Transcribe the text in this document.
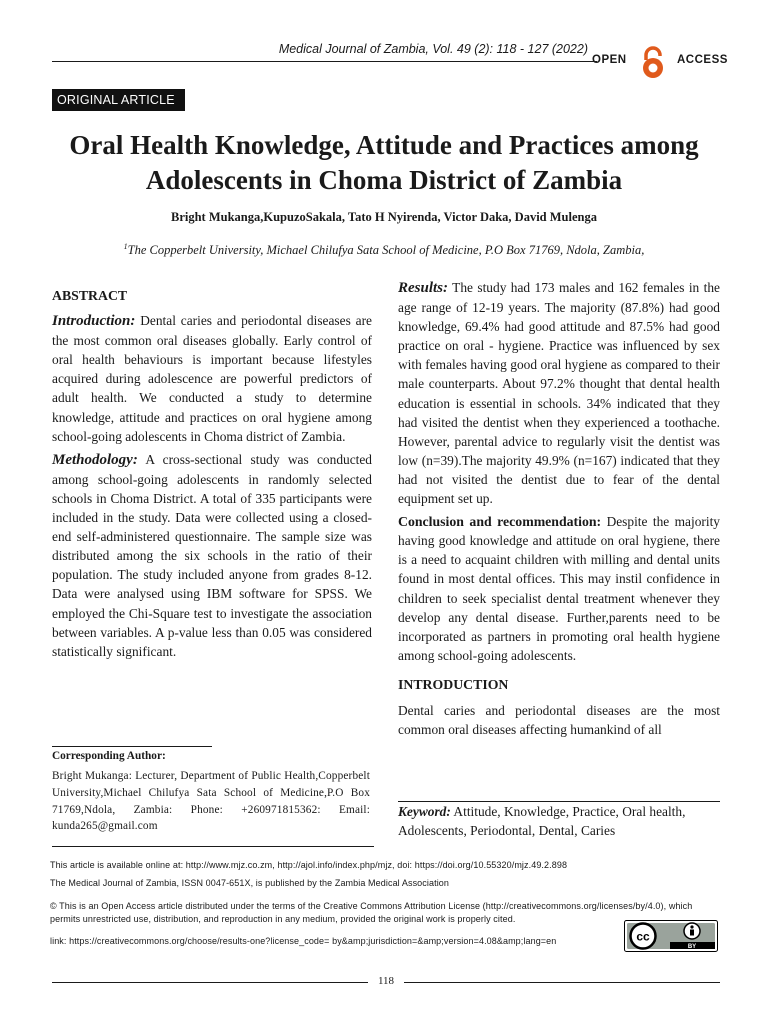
Medical Journal of Zambia, Vol. 49 (2): 118 - 127 (2022)
OPEN	ACCESS
ORIGINAL ARTICLE
Oral Health Knowledge, Attitude and Practices among Adolescents in Choma District of Zambia
Bright Mukanga,KupuzoSakala, Tato H Nyirenda, Victor Daka, David Mulenga
$^1$The Copperbelt University, Michael Chilufya Sata School of Medicine, P.O Box 71769, Ndola, Zambia,

ABSTRACT

Introduction: Dental caries and periodontal diseases are the most common oral diseases globally. Early control of oral health behaviours is important because lifestyles acquired during adolescence are powerful predictors of adult health. We conducted a study to determine knowledge, attitude and practices on oral hygiene among school-going adolescents in Choma district of Zambia.

Methodology: A cross-sectional study was conducted among school-going adolescents in randomly selected schools in Choma District. A total of 335 participants were included in the study. Data were collected using a closed-end self-administered questionnaire. The sample size was distributed among the six schools in the ratio of their population. The study included anyone from grades 8-12. Data were analysed using IBM software for SPSS. We employed the Chi-Square test to investigate the association between variables. A p-value less than 0.05 was considered statistically significant.

Corresponding Author:
Bright Mukanga: Lecturer, Department of Public Health,Copperbelt University,Michael Chilufya Sata School of Medicine,P.O Box 71769,Ndola, Zambia: Phone: +260971815362: Email: kunda265@gmail.com

Results: The study had 173 males and 162 females in the age range of 12-19 years. The majority (87.8%) had good knowledge, 69.4% had good attitude and 87.5% had good practice on oral - hygiene. Practice was influenced by sex with females having good oral hygiene as compared to their male counterparts. About 97.2% thought that dental health education is essential in schools. 34% indicated that they had visited the dentist when they experienced a toothache. However, parental advice to regularly visit the dentist was low (n=39).The majority 49.9% (n=167) indicated that they had not visited the dentist due to fear of the dental equipment set up.

Conclusion and recommendation: Despite the majority having good knowledge and attitude on oral hygiene, there is a need to acquaint children with milling and dental units found in most dental offices. This may instil confidence in children to seek specialist dental treatment whenever they develop any dental disease. Further,parents need to be incorporated as partners in promoting oral health hygiene among school-going adolescents.

INTRODUCTION

Dental caries and periodontal diseases are the most common oral diseases affecting humankind of all

Keyword: Attitude, Knowledge, Practice, Oral health, Adolescents, Periodontal, Dental, Caries
This article is available online at: http://www.mjz.co.zm, http://ajol.info/index.php/mjz, doi: https://doi.org/10.55320/mjz.49.2.898
The Medical Journal of Zambia, ISSN 0047-651X, is published by the Zambia Medical Association
© This is an Open Access article distributed under the terms of the Creative Commons Attribution License (http://creativecommons.org/licenses/by/4.0), which permits unrestricted use, distribution, and reproduction in any medium, provided the original work is properly cited.
link: https://creativecommons.org/choose/results-one?license_code= by&amp;jurisdiction=&amp;version=4.08&amp;lang=en	cc
BY
118
